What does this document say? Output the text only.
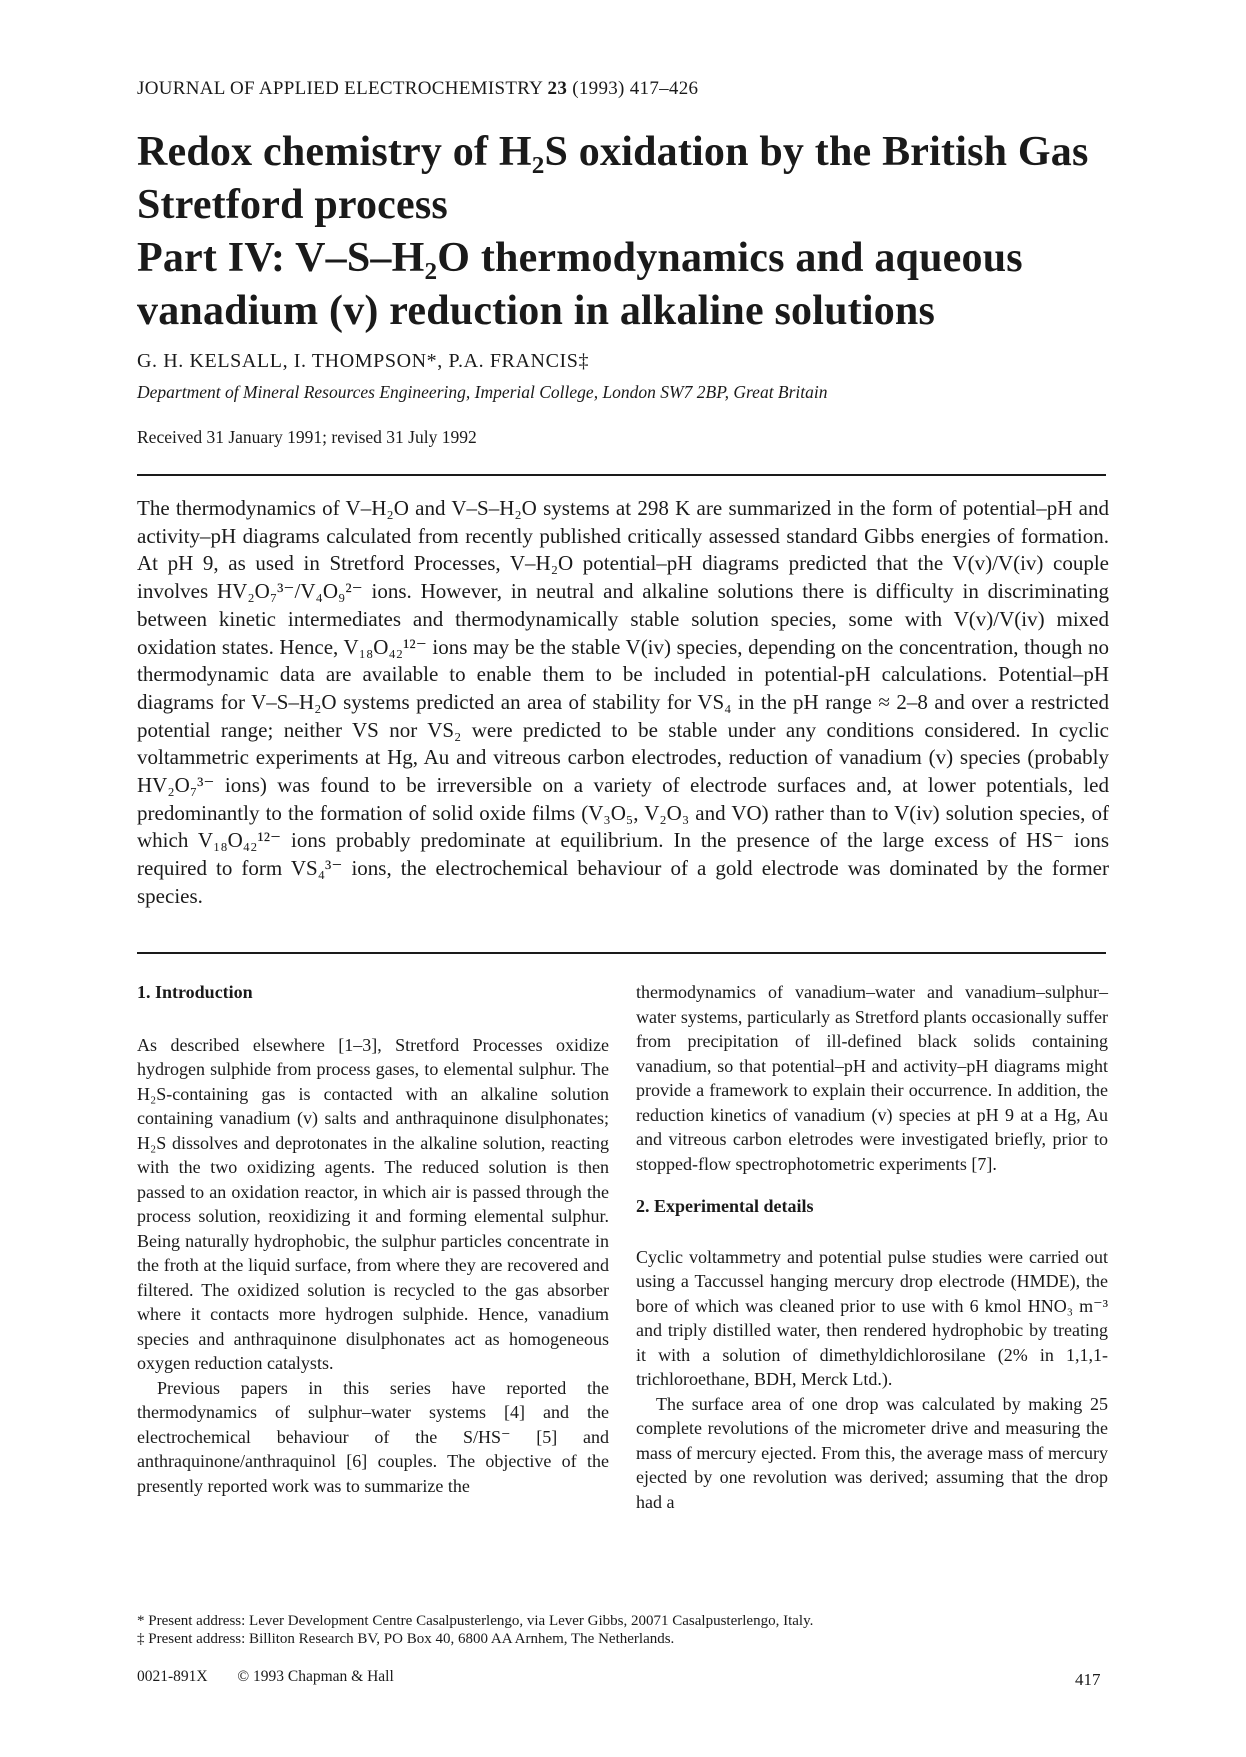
JOURNAL OF APPLIED ELECTROCHEMISTRY 23 (1993) 417–426
Redox chemistry of H₂S oxidation by the British Gas
Stretford process
Part IV: V–S–H₂O thermodynamics and aqueous
vanadium (v) reduction in alkaline solutions
G. H. KELSALL, I. THOMPSON*, P.A. FRANCIS‡
Department of Mineral Resources Engineering, Imperial College, London SW7 2BP, Great Britain
Received 31 January 1991; revised 31 July 1992

The thermodynamics of V–H₂O and V–S–H₂O systems at 298 K are summarized in the form of potential–pH and activity–pH diagrams calculated from recently published critically assessed standard Gibbs energies of formation. At pH 9, as used in Stretford Processes, V–H₂O potential–pH diagrams predicted that the V(v)/V(iv) couple involves HV₂O₇³⁻/V₄O₉²⁻ ions. However, in neutral and alkaline solutions there is difficulty in discriminating between kinetic intermediates and thermodynamically stable solution species, some with V(v)/V(iv) mixed oxidation states. Hence, V₁₈O₄₂¹²⁻ ions may be the stable V(iv) species, depending on the concentration, though no thermodynamic data are available to enable them to be included in potential-pH calculations. Potential–pH diagrams for V–S–H₂O systems predicted an area of stability for VS₄ in the pH range ≈ 2–8 and over a restricted potential range; neither VS nor VS₂ were predicted to be stable under any conditions considered. In cyclic voltammetric experiments at Hg, Au and vitreous carbon electrodes, reduction of vanadium (v) species (probably HV₂O₇³⁻ ions) was found to be irreversible on a variety of electrode surfaces and, at lower potentials, led predominantly to the formation of solid oxide films (V₃O₅, V₂O₃ and VO) rather than to V(iv) solution species, of which V₁₈O₄₂¹²⁻ ions probably predominate at equilibrium. In the presence of the large excess of HS⁻ ions required to form VS₄³⁻ ions, the electrochemical behaviour of a gold electrode was dominated by the former species.

1. Introduction

As described elsewhere [1–3], Stretford Processes oxidize hydrogen sulphide from process gases, to elemental sulphur. The H₂S-containing gas is contacted with an alkaline solution containing vanadium (v) salts and anthraquinone disulphonates; H₂S dissolves and deprotonates in the alkaline solution, reacting with the two oxidizing agents. The reduced solution is then passed to an oxidation reactor, in which air is passed through the process solution, reoxidizing it and forming elemental sulphur. Being naturally hydrophobic, the sulphur particles concentrate in the froth at the liquid surface, from where they are recovered and filtered. The oxidized solution is recycled to the gas absorber where it contacts more hydrogen sulphide. Hence, vanadium species and anthraquinone disulphonates act as homogeneous oxygen reduction catalysts.

Previous papers in this series have reported the thermodynamics of sulphur–water systems [4] and the electrochemical behaviour of the S/HS⁻ [5] and anthraquinone/anthraquinol [6] couples. The objective of the presently reported work was to summarize the

thermodynamics of vanadium–water and vanadium–sulphur–water systems, particularly as Stretford plants occasionally suffer from precipitation of ill-defined black solids containing vanadium, so that potential–pH and activity–pH diagrams might provide a framework to explain their occurrence. In addition, the reduction kinetics of vanadium (v) species at pH 9 at a Hg, Au and vitreous carbon eletrodes were investigated briefly, prior to stopped-flow spectrophotometric experiments [7].

2. Experimental details

Cyclic voltammetry and potential pulse studies were carried out using a Taccussel hanging mercury drop electrode (HMDE), the bore of which was cleaned prior to use with 6 kmol HNO₃ m⁻³ and triply distilled water, then rendered hydrophobic by treating it with a solution of dimethyldichlorosilane (2% in 1,1,1-trichloroethane, BDH, Merck Ltd.).

The surface area of one drop was calculated by making 25 complete revolutions of the micrometer drive and measuring the mass of mercury ejected. From this, the average mass of mercury ejected by one revolution was derived; assuming that the drop had a

* Present address: Lever Development Centre Casalpusterlengo, via Lever Gibbs, 20071 Casalpusterlengo, Italy.

‡ Present address: Billiton Research BV, PO Box 40, 6800 AA Arnhem, The Netherlands.

0021-891X © 1993 Chapman & Hall	417
